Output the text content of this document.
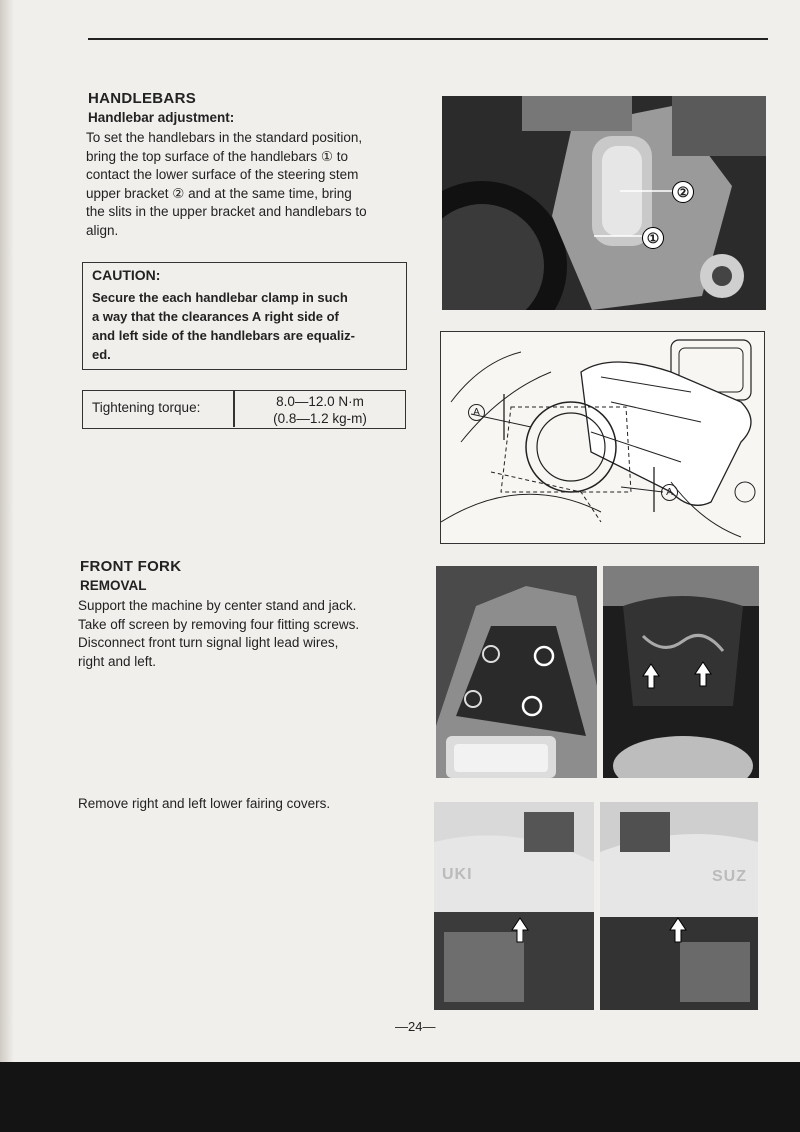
HANDLEBARS
Handlebar adjustment:
To set the handlebars in the standard position,
bring the top surface of the handlebars ① to
contact the lower surface of the steering stem
upper bracket ② and at the same time, bring
the slits in the upper bracket and handlebars to
align.
CAUTION:
Secure the each handlebar clamp in such
a way that the clearances A right side of
and left side of the handlebars are equaliz-
ed.
Tightening torque:	8.0—12.0 N·m
(0.8—1.2 kg-m)
②
①
A
A
FRONT FORK
REMOVAL
Support the machine by center stand and jack.
Take off screen by removing four fitting screws.
Disconnect front turn signal light lead wires,
right and left.
Remove right and left lower fairing covers.
UKI	SUZ
—24—
